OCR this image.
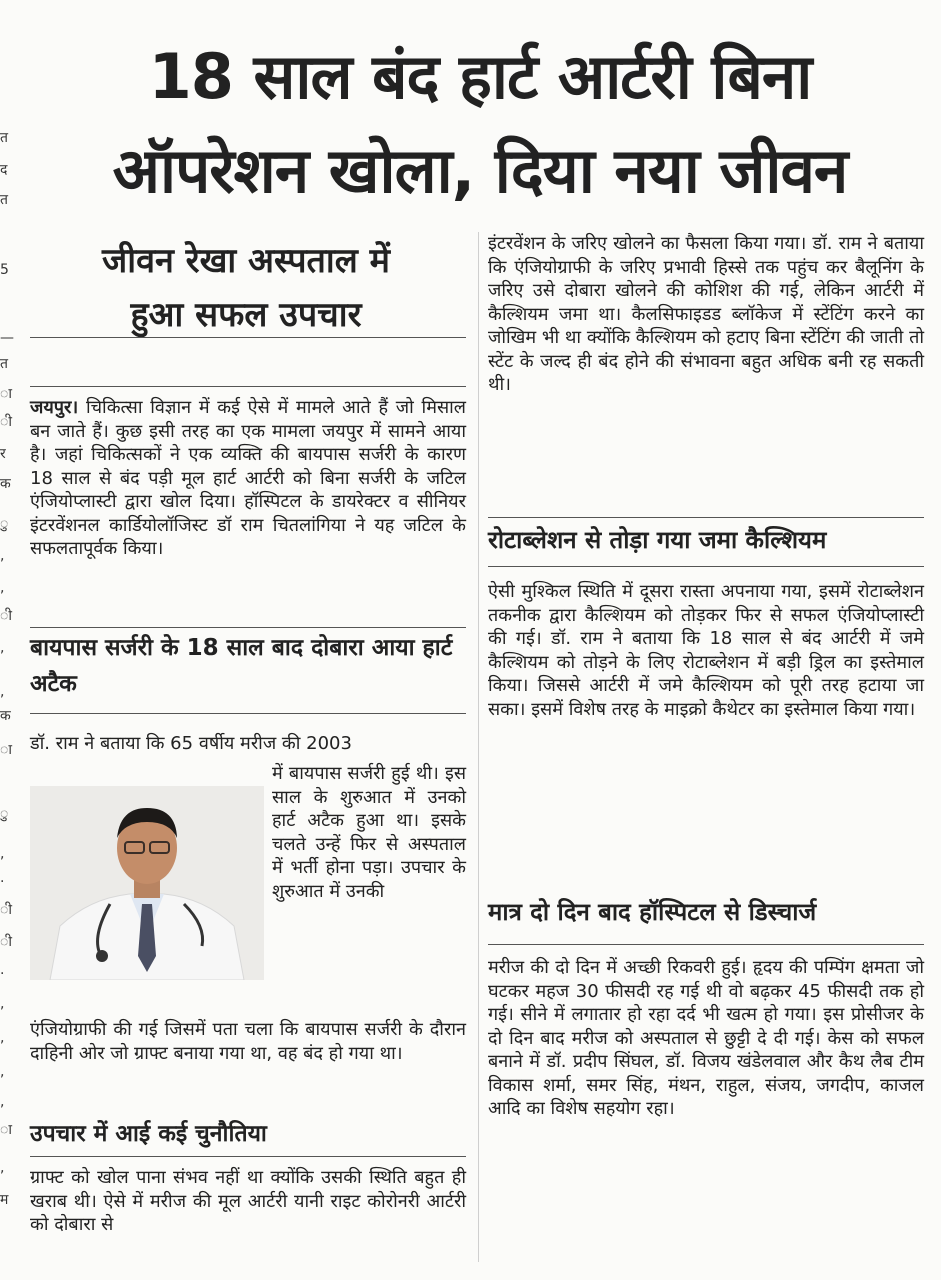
त
द
त
5
—
त
ा
ी
र
क
ु
,
,
ी
,
,
क
ा
ु
,
.
ी
ी
.
,
,
,
,
ा
,
म
18 साल बंद हार्ट आर्टरी बिना
ऑपरेशन खोला, दिया नया जीवन
जीवन रेखा अस्पताल में
हुआ सफल उपचार
जयपुर। चिकित्सा विज्ञान में कई ऐसे में मामले आते हैं जो मिसाल बन जाते हैं। कुछ इसी तरह का एक मामला जयपुर में सामने आया है। जहां चिकित्सकों ने एक व्यक्ति की बायपास सर्जरी के कारण 18 साल से बंद पड़ी मूल हार्ट आर्टरी को बिना सर्जरी के जटिल एंजियोप्लास्टी द्वारा खोल दिया। हॉस्पिटल के डायरेक्टर व सीनियर इंटरवेंशनल कार्डियोलॉजिस्ट डॉ राम चितलांगिया ने यह जटिल के सफलतापूर्वक किया।
बायपास सर्जरी के 18 साल बाद दोबारा आया हार्ट अटैक
डॉ. राम ने बताया कि 65 वर्षीय मरीज की 2003
में बायपास सर्जरी हुई थी। इस साल के शुरुआत में उनको हार्ट अटैक हुआ था। इसके चलते उन्हें फिर से अस्पताल में भर्ती होना पड़ा। उपचार के शुरुआत में उनकी
एंजियोग्राफी की गई जिसमें पता चला कि बायपास सर्जरी के दौरान दाहिनी ओर जो ग्राफ्ट बनाया गया था, वह बंद हो गया था।
उपचार में आई कई चुनौतिया
ग्राफ्ट को खोल पाना संभव नहीं था क्योंकि उसकी स्थिति बहुत ही खराब थी। ऐसे में मरीज की मूल आर्टरी यानी राइट कोरोनरी आर्टरी को दोबारा से
इंटरवेंशन के जरिए खोलने का फैसला किया गया। डॉ. राम ने बताया कि एंजियोग्राफी के जरिए प्रभावी हिस्से तक पहुंच कर बैलूनिंग के जरिए उसे दोबारा खोलने की कोशिश की गई, लेकिन आर्टरी में कैल्शियम जमा था। कैलसिफाइडड ब्लॉकेज में स्टेंटिंग करने का जोखिम भी था क्योंकि कैल्शियम को हटाए बिना स्टेंटिंग की जाती तो स्टेंट के जल्द ही बंद होने की संभावना बहुत अधिक बनी रह सकती थी।
रोटाब्लेशन से तोड़ा गया जमा कैल्शियम
ऐसी मुश्किल स्थिति में दूसरा रास्ता अपनाया गया, इसमें रोटाब्लेशन तकनीक द्वारा कैल्शियम को तोड़कर फिर से सफल एंजियोप्लास्टी की गई। डॉ. राम ने बताया कि 18 साल से बंद आर्टरी में जमे कैल्शियम को तोड़ने के लिए रोटाब्लेशन में बड़ी ड्रिल का इस्तेमाल किया। जिससे आर्टरी में जमे कैल्शियम को पूरी तरह हटाया जा सका। इसमें विशेष तरह के माइक्रो कैथेटर का इस्तेमाल किया गया।
मात्र दो दिन बाद हॉस्पिटल से डिस्चार्ज
मरीज की दो दिन में अच्छी रिकवरी हुई। हृदय की पम्पिंग क्षमता जो घटकर महज 30 फीसदी रह गई थी वो बढ़कर 45 फीसदी तक हो गई। सीने में लगातार हो रहा दर्द भी खत्म हो गया। इस प्रोसीजर के दो दिन बाद मरीज को अस्पताल से छुट्टी दे दी गई। केस को सफल बनाने में डॉ. प्रदीप सिंघल, डॉ. विजय खंडेलवाल और कैथ लैब टीम विकास शर्मा, समर सिंह, मंथन, राहुल, संजय, जगदीप, काजल आदि का विशेष सहयोग रहा।
